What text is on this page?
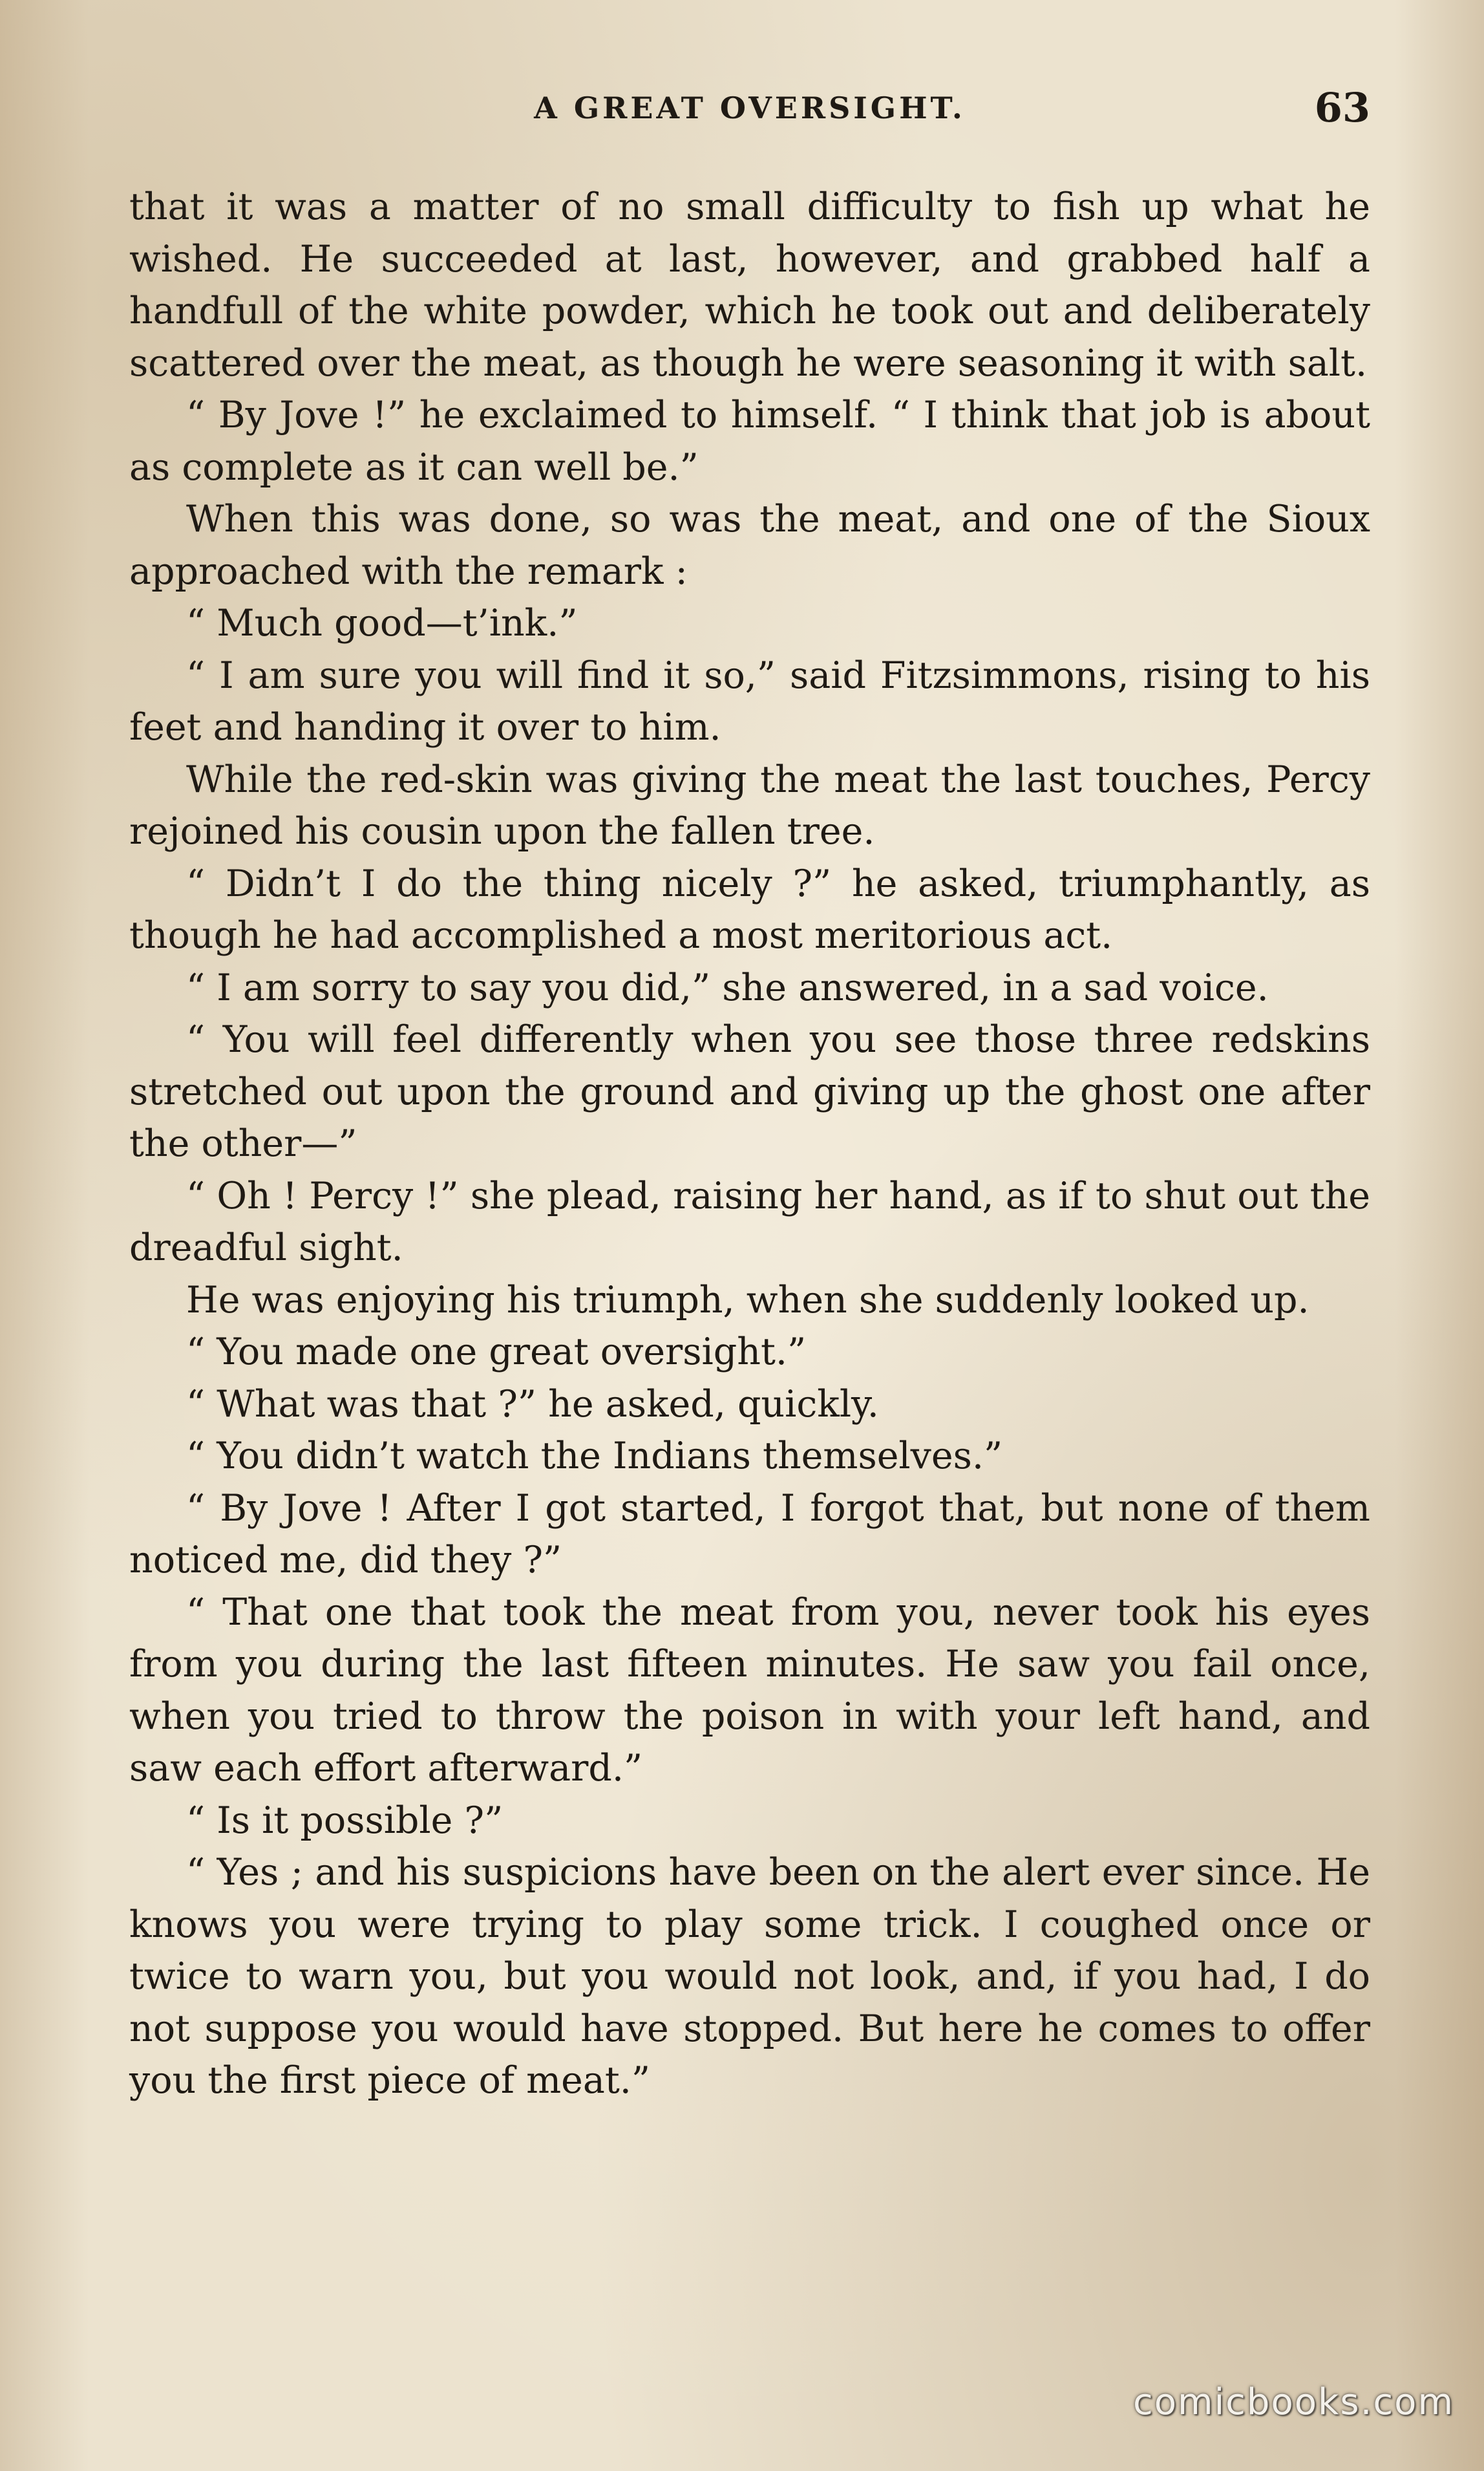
A GREAT OVERSIGHT.	63

that it was a matter of no small difficulty to fish up what he wished. He succeeded at last, however, and grabbed half a handfull of the white powder, which he took out and deliberately scattered over the meat, as though he were seasoning it with salt.

“ By Jove !” he exclaimed to himself. “ I think that job is about as complete as it can well be.”

When this was done, so was the meat, and one of the Sioux approached with the remark :

“ Much good—t’ink.”

“ I am sure you will find it so,” said Fitzsimmons, rising to his feet and handing it over to him.

While the red-skin was giving the meat the last touches, Percy rejoined his cousin upon the fallen tree.

“ Didn’t I do the thing nicely ?” he asked, triumphantly, as though he had accomplished a most meritorious act.

“ I am sorry to say you did,” she answered, in a sad voice.

“ You will feel differently when you see those three redskins stretched out upon the ground and giving up the ghost one after the other—”

“ Oh ! Percy !” she plead, raising her hand, as if to shut out the dreadful sight.

He was enjoying his triumph, when she suddenly looked up.

“ You made one great oversight.”

“ What was that ?” he asked, quickly.

“ You didn’t watch the Indians themselves.”

“ By Jove ! After I got started, I forgot that, but none of them noticed me, did they ?”

“ That one that took the meat from you, never took his eyes from you during the last fifteen minutes. He saw you fail once, when you tried to throw the poison in with your left hand, and saw each effort afterward.”

“ Is it possible ?”

“ Yes ; and his suspicions have been on the alert ever since. He knows you were trying to play some trick. I coughed once or twice to warn you, but you would not look, and, if you had, I do not suppose you would have stopped. But here he comes to offer you the first piece of meat.”

comicbooks.com
